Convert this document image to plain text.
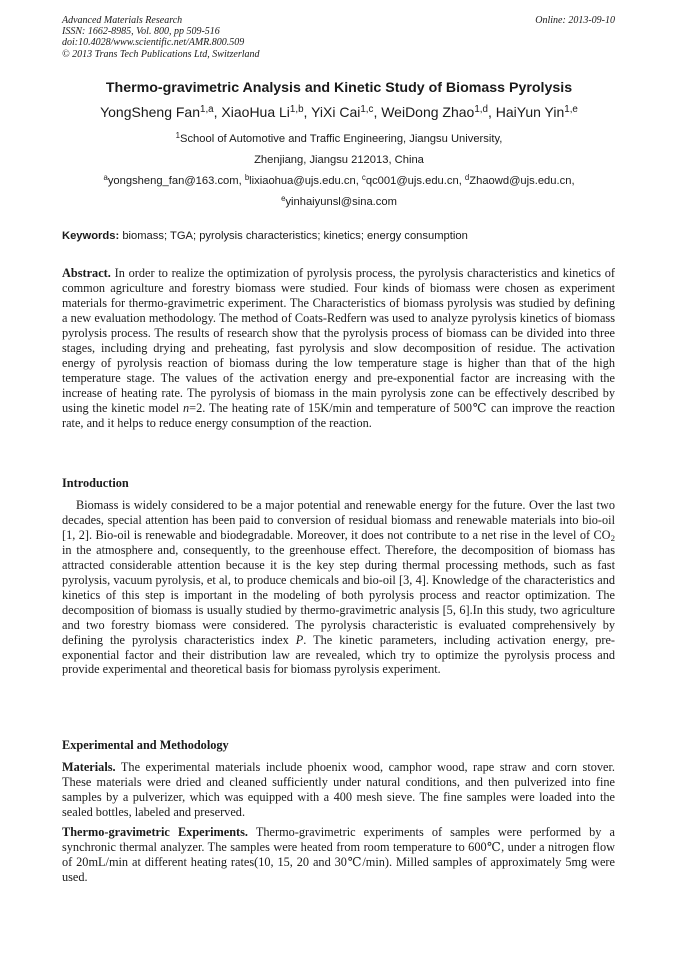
Advanced Materials Research
ISSN: 1662-8985, Vol. 800, pp 509-516
doi:10.4028/www.scientific.net/AMR.800.509
© 2013 Trans Tech Publications Ltd, Switzerland
Online: 2013-09-10
Thermo-gravimetric Analysis and Kinetic Study of Biomass Pyrolysis
YongSheng Fan$^{1,a}$, XiaoHua Li$^{1,b}$, YiXi Cai$^{1,c}$, WeiDong Zhao$^{1,d}$, HaiYun Yin$^{1,e}$
$^1$School of Automotive and Traffic Engineering, Jiangsu University,
Zhenjiang, Jiangsu 212013, China
$^a$yongsheng_fan@163.com, $^b$lixiaohua@ujs.edu.cn, $^c$qc001@ujs.edu.cn, $^d$Zhaowd@ujs.edu.cn,
$^e$yinhaiyunsl@sina.com
Keywords: biomass; TGA; pyrolysis characteristics; kinetics; energy consumption
Abstract. In order to realize the optimization of pyrolysis process, the pyrolysis characteristics and kinetics of common agriculture and forestry biomass were studied. Four kinds of biomass were chosen as experiment materials for thermo-gravimetric experiment. The Characteristics of biomass pyrolysis was studied by defining a new evaluation methodology. The method of Coats-Redfern was used to analyze pyrolysis kinetics of biomass pyrolysis process. The results of research show that the pyrolysis process of biomass can be divided into three stages, including drying and preheating, fast pyrolysis and slow decomposition of residue. The activation energy of pyrolysis reaction of biomass during the low temperature stage is higher than that of the high temperature stage. The values of the activation energy and pre-exponential factor are increasing with the increase of heating rate. The pyrolysis of biomass in the main pyrolysis zone can be effectively described by using the kinetic model n=2. The heating rate of 15K/min and temperature of 500℃ can improve the reaction rate, and it helps to reduce energy consumption of the reaction.
Introduction
Biomass is widely considered to be a major potential and renewable energy for the future. Over the last two decades, special attention has been paid to conversion of residual biomass and renewable materials into bio-oil [1, 2]. Bio-oil is renewable and biodegradable. Moreover, it does not contribute to a net rise in the level of $CO_2$ in the atmosphere and, consequently, to the greenhouse effect. Therefore, the decomposition of biomass has attracted considerable attention because it is the key step during thermal processing methods, such as fast pyrolysis, vacuum pyrolysis, et al, to produce chemicals and bio-oil [3, 4]. Knowledge of the characteristics and kinetics of this step is important in the modeling of both pyrolysis process and reactor optimization. The decomposition of biomass is usually studied by thermo-gravimetric analysis [5, 6].In this study, two agriculture and two forestry biomass were considered. The pyrolysis characteristic is evaluated comprehensively by defining the pyrolysis characteristics index P. The kinetic parameters, including activation energy, pre-exponential factor and their distribution law are revealed, which try to optimize the pyrolysis process and provide experimental and theoretical basis for biomass pyrolysis experiment.
Experimental and Methodology
Materials. The experimental materials include phoenix wood, camphor wood, rape straw and corn stover. These materials were dried and cleaned sufficiently under natural conditions, and then pulverized into fine samples by a pulverizer, which was equipped with a 400 mesh sieve. The fine samples were loaded into the sealed bottles, labeled and preserved.
Thermo-gravimetric Experiments. Thermo-gravimetric experiments of samples were performed by a synchronic thermal analyzer. The samples were heated from room temperature to 600℃, under a nitrogen flow of 20mL/min at different heating rates(10, 15, 20 and 30℃/min). Milled samples of approximately 5mg were used.
